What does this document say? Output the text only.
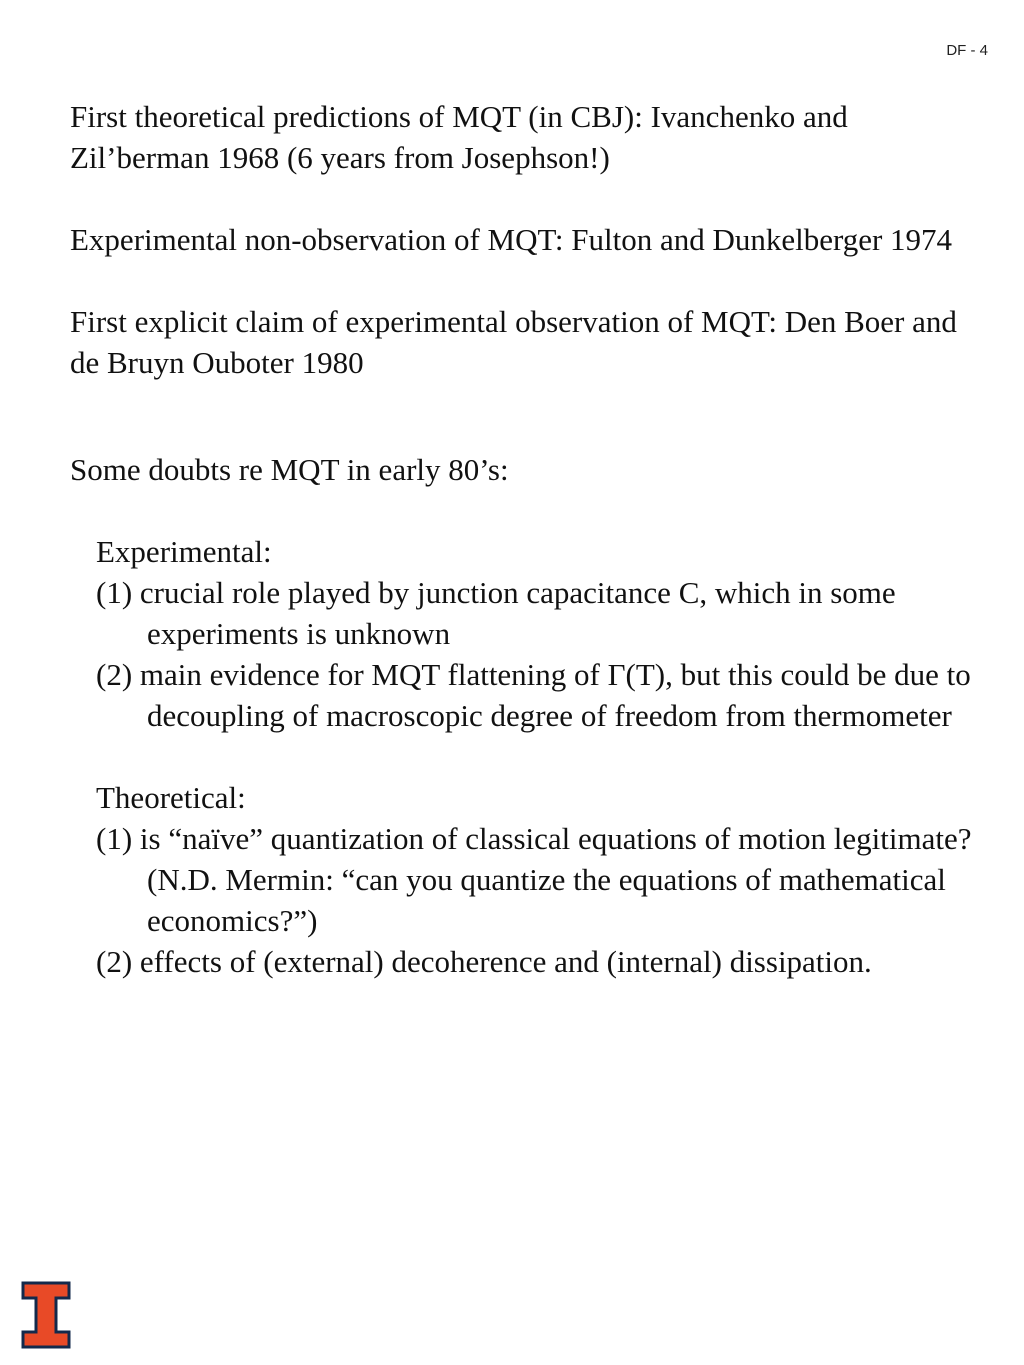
DF - 4

First theoretical predictions of MQT (in CBJ): Ivanchenko and Zil’berman 1968 (6 years from Josephson!)

Experimental non-observation of MQT: Fulton and Dunkelberger 1974

First explicit claim of experimental observation of MQT: Den Boer and de Bruyn Ouboter 1980

Some doubts re MQT in early 80’s:

Experimental:

(1) crucial role played by junction capacitance C, which in some experiments is unknown

(2) main evidence for MQT flattening of Γ(T), but this could be due to decoupling of macroscopic degree of freedom from thermometer

Theoretical:

(1) is “naïve” quantization of classical equations of motion legitimate? (N.D. Mermin: “can you quantize the equations of mathematical economics?”)

(2) effects of (external) decoherence and (internal) dissipation.
